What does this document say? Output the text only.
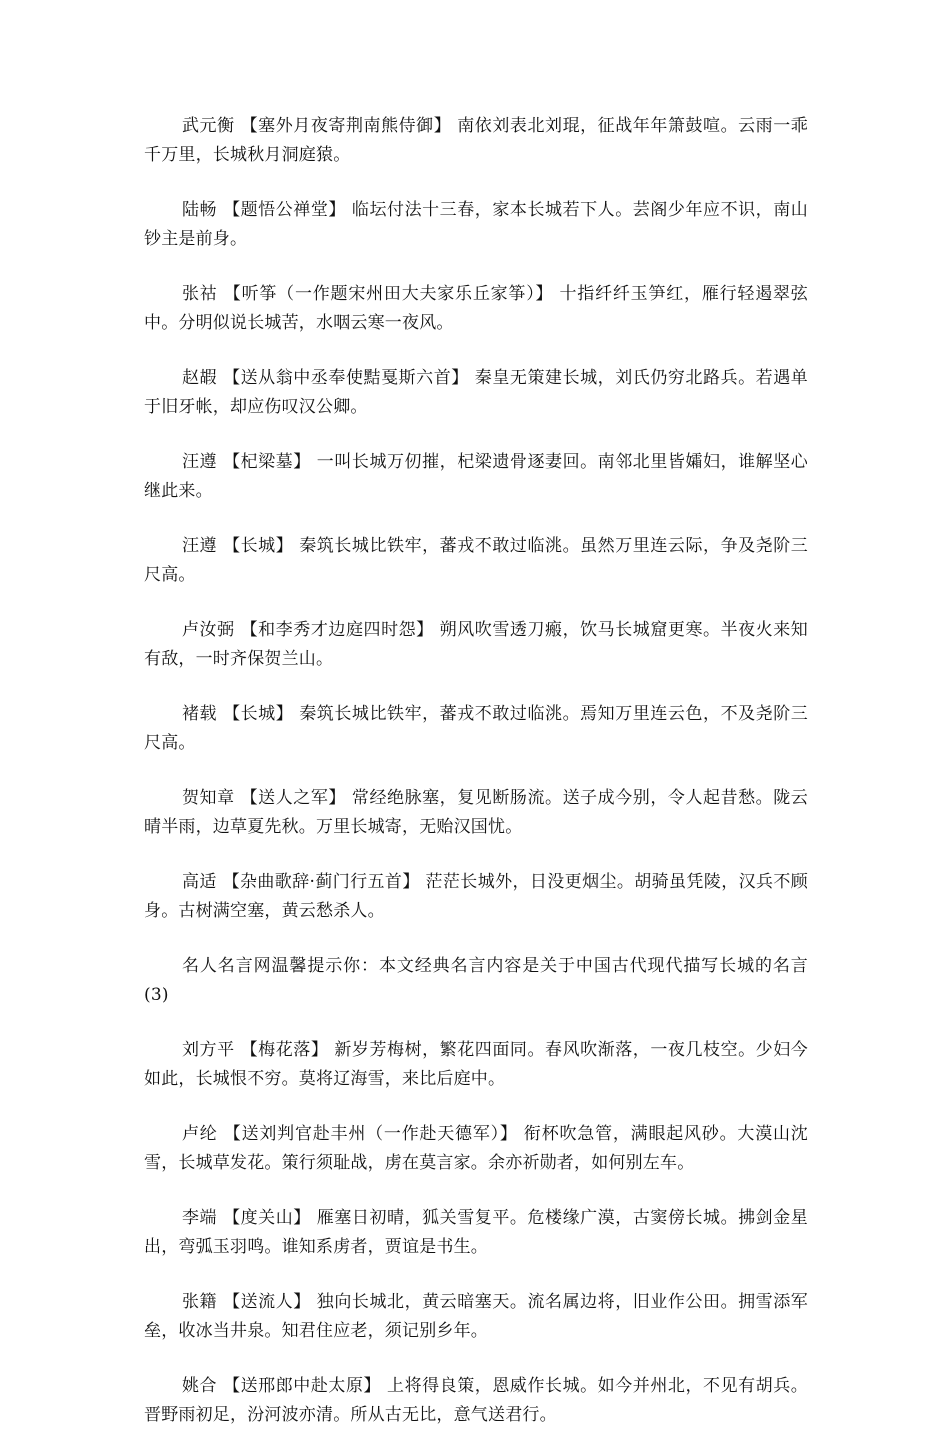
武元衡 【塞外月夜寄荆南熊侍御】 南依刘表北刘琨，征战年年箫鼓喧。云雨一乖千万里，长城秋月洞庭猿。

陆畅 【题悟公禅堂】 临坛付法十三春，家本长城若下人。芸阁少年应不识，南山钞主是前身。

张祜 【听筝（一作题宋州田大夫家乐丘家筝）】 十指纤纤玉笋红，雁行轻遏翠弦中。分明似说长城苦，水咽云寒一夜风。

赵嘏 【送从翁中丞奉使黠戛斯六首】 秦皇无策建长城，刘氏仍穷北路兵。若遇单于旧牙帐，却应伤叹汉公卿。

汪遵 【杞梁墓】 一叫长城万仞摧，杞梁遗骨逐妻回。南邻北里皆孀妇，谁解坚心继此来。

汪遵 【长城】 秦筑长城比铁牢，蕃戎不敢过临洮。虽然万里连云际，争及尧阶三尺高。

卢汝弼 【和李秀才边庭四时怨】 朔风吹雪透刀瘢，饮马长城窟更寒。半夜火来知有敌，一时齐保贺兰山。

褚载 【长城】 秦筑长城比铁牢，蕃戎不敢过临洮。焉知万里连云色，不及尧阶三尺高。

贺知章 【送人之军】 常经绝脉塞，复见断肠流。送子成今别，令人起昔愁。陇云晴半雨，边草夏先秋。万里长城寄，无贻汉国忧。

高适 【杂曲歌辞·蓟门行五首】 茫茫长城外，日没更烟尘。胡骑虽凭陵，汉兵不顾身。古树满空塞，黄云愁杀人。

名人名言网温馨提示你：本文经典名言内容是关于中国古代现代描写长城的名言(3)

刘方平 【梅花落】 新岁芳梅树，繁花四面同。春风吹渐落，一夜几枝空。少妇今如此，长城恨不穷。莫将辽海雪，来比后庭中。

卢纶 【送刘判官赴丰州（一作赴天德军）】 衔杯吹急管，满眼起风砂。大漠山沈雪，长城草发花。策行须耻战，虏在莫言家。余亦祈勋者，如何别左车。

李端 【度关山】 雁塞日初晴，狐关雪复平。危楼缘广漠，古窦傍长城。拂剑金星出，弯弧玉羽鸣。谁知系虏者，贾谊是书生。

张籍 【送流人】 独向长城北，黄云暗塞天。流名属边将，旧业作公田。拥雪添军垒，收冰当井泉。知君住应老，须记别乡年。

姚合 【送邢郎中赴太原】 上将得良策，恩威作长城。如今并州北，不见有胡兵。晋野雨初足，汾河波亦清。所从古无比，意气送君行。
